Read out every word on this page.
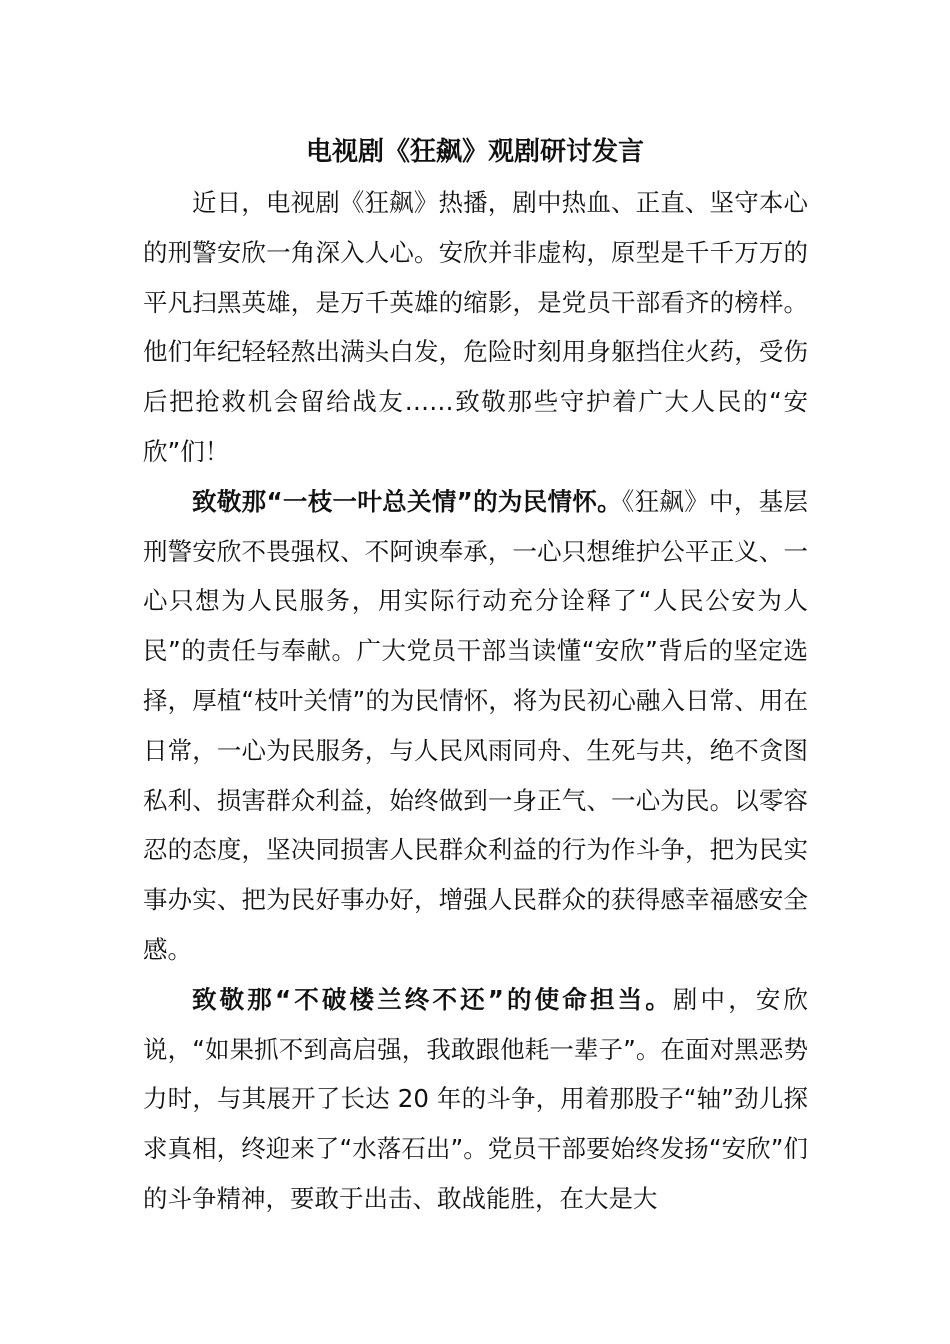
电视剧《狂飙》观剧研讨发言

近日，电视剧《狂飙》热播，剧中热血、正直、坚守本心的刑警安欣一角深入人心。安欣并非虚构，原型是千千万万的平凡扫黑英雄，是万千英雄的缩影，是党员干部看齐的榜样。他们年纪轻轻熬出满头白发，危险时刻用身躯挡住火药，受伤后把抢救机会留给战友……致敬那些守护着广大人民的“安欣”们！

致敬那“一枝一叶总关情”的为民情怀。《狂飙》中，基层刑警安欣不畏强权、不阿谀奉承，一心只想维护公平正义、一心只想为人民服务，用实际行动充分诠释了“人民公安为人民”的责任与奉献。广大党员干部当读懂“安欣”背后的坚定选择，厚植“枝叶关情”的为民情怀，将为民初心融入日常、用在日常，一心为民服务，与人民风雨同舟、生死与共，绝不贪图私利、损害群众利益，始终做到一身正气、一心为民。以零容忍的态度，坚决同损害人民群众利益的行为作斗争，把为民实事办实、把为民好事办好，增强人民群众的获得感幸福感安全感。

致敬那“不破楼兰终不还”的使命担当。剧中，安欣说，“如果抓不到高启强，我敢跟他耗一辈子”。在面对黑恶势力时，与其展开了长达 20 年的斗争，用着那股子“轴”劲儿探求真相，终迎来了“水落石出”。党员干部要始终发扬“安欣”们的斗争精神，要敢于出击、敢战能胜，在大是大
